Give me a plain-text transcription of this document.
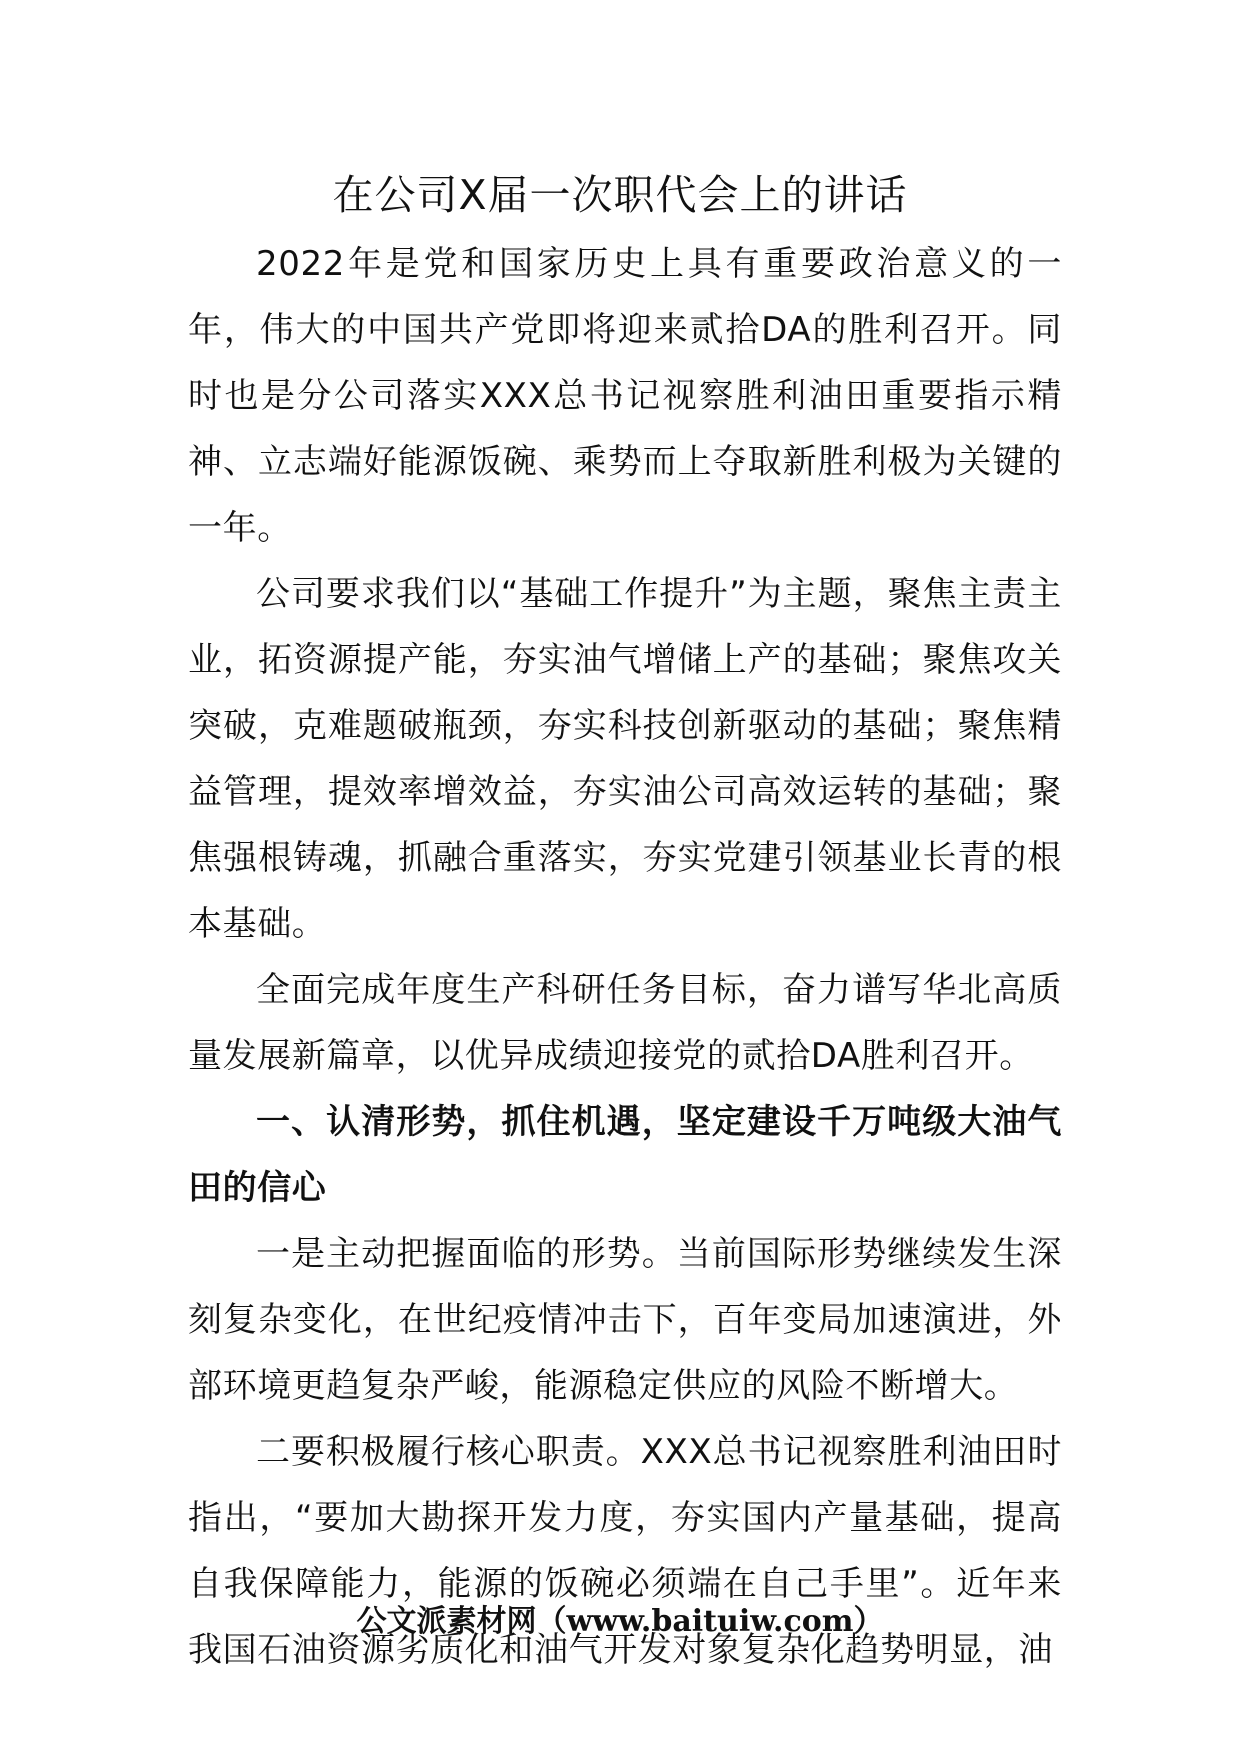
在公司Ⅹ届一次职代会上的讲话

2022年是党和国家历史上具有重要政治意义的一年，伟大的中国共产党即将迎来贰拾DA的胜利召开。同时也是分公司落实XXX总书记视察胜利油田重要指示精神、立志端好能源饭碗、乘势而上夺取新胜利极为关键的一年。

公司要求我们以“基础工作提升”为主题，聚焦主责主业，拓资源提产能，夯实油气增储上产的基础；聚焦攻关突破，克难题破瓶颈，夯实科技创新驱动的基础；聚焦精益管理，提效率增效益，夯实油公司高效运转的基础；聚焦强根铸魂，抓融合重落实，夯实党建引领基业长青的根本基础。

全面完成年度生产科研任务目标，奋力谱写华北高质量发展新篇章，以优异成绩迎接党的贰拾DA胜利召开。

一、认清形势，抓住机遇，坚定建设千万吨级大油气田的信心

一是主动把握面临的形势。当前国际形势继续发生深刻复杂变化，在世纪疫情冲击下，百年变局加速演进，外部环境更趋复杂严峻，能源稳定供应的风险不断增大。

二要积极履行核心职责。XXX总书记视察胜利油田时指出，“要加大勘探开发力度，夯实国内产量基础，提高自我保障能力，能源的饭碗必须端在自己手里”。近年来我国石油资源劣质化和油气开发对象复杂化趋势明显，油

公文派素材网（www.baituiw.com）
